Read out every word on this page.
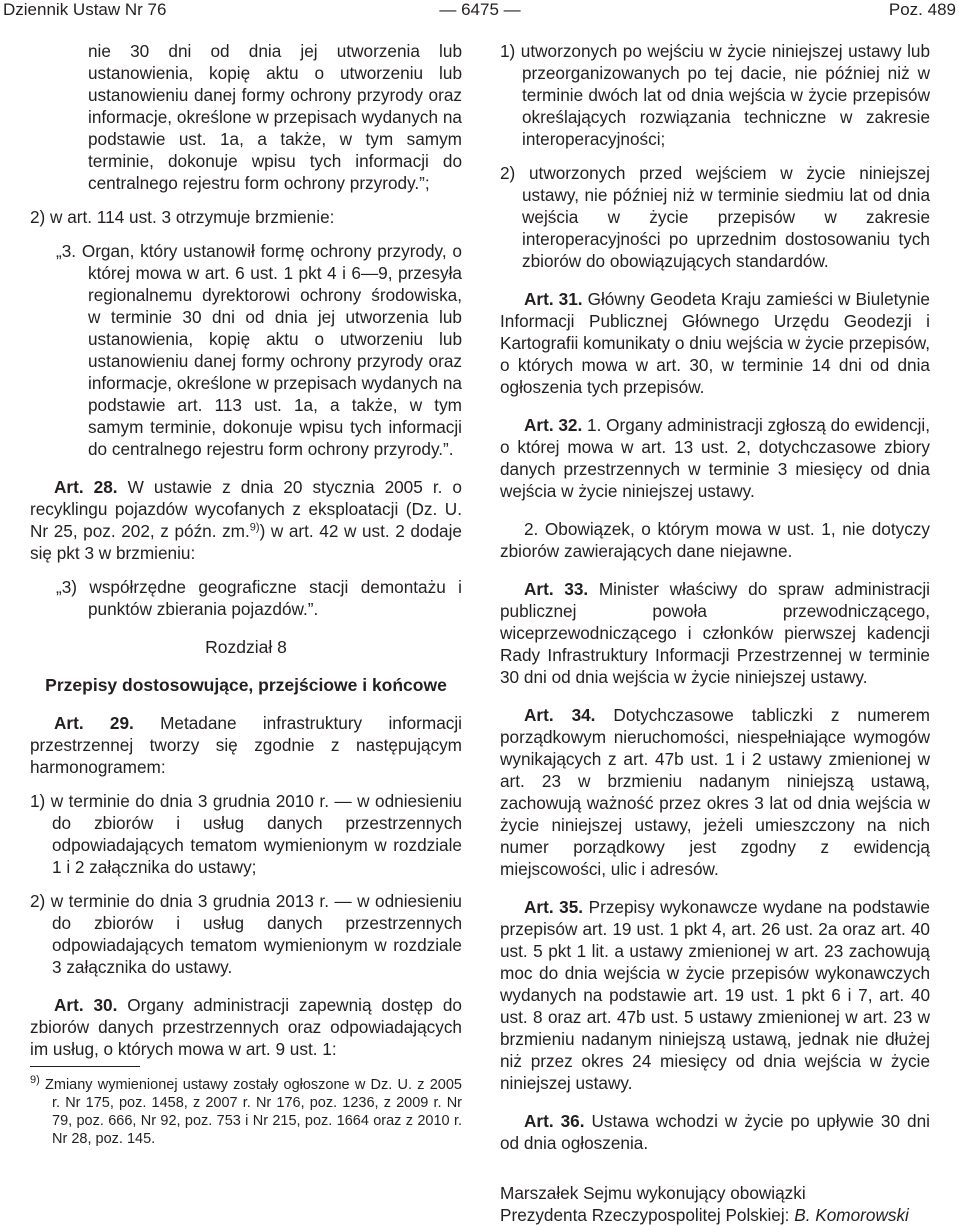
Dziennik Ustaw Nr 76	— 6475 —	Poz. 489

nie 30 dni od dnia jej utworzenia lub ustanowienia, kopię aktu o utworzeniu lub ustanowieniu danej formy ochrony przyrody oraz informacje, określone w przepisach wydanych na podstawie ust. 1a, a także, w tym samym terminie, dokonuje wpisu tych informacji do centralnego rejestru form ochrony przyrody.”;

2) w art. 114 ust. 3 otrzymuje brzmienie:

„3. Organ, który ustanowił formę ochrony przyrody, o której mowa w art. 6 ust. 1 pkt 4 i 6—9, przesyła regionalnemu dyrektorowi ochrony środowiska, w terminie 30 dni od dnia jej utworzenia lub ustanowienia, kopię aktu o utworzeniu lub ustanowieniu danej formy ochrony przyrody oraz informacje, określone w przepisach wydanych na podstawie art. 113 ust. 1a, a także, w tym samym terminie, dokonuje wpisu tych informacji do centralnego rejestru form ochrony przyrody.”.

Art. 28. W ustawie z dnia 20 stycznia 2005 r. o recyklingu pojazdów wycofanych z eksploatacji (Dz. U. Nr 25, poz. 202, z późn. zm.$^{9)}$) w art. 42 w ust. 2 dodaje się pkt 3 w brzmieniu:

„3) współrzędne geograficzne stacji demontażu i punktów zbierania pojazdów.”.

Rozdział 8

Przepisy dostosowujące, przejściowe i końcowe

Art. 29. Metadane infrastruktury informacji przestrzennej tworzy się zgodnie z następującym harmonogramem:

1) w terminie do dnia 3 grudnia 2010 r. — w odniesieniu do zbiorów i usług danych przestrzennych odpowiadających tematom wymienionym w rozdziale 1 i 2 załącznika do ustawy;

2) w terminie do dnia 3 grudnia 2013 r. — w odniesieniu do zbiorów i usług danych przestrzennych odpowiadających tematom wymienionym w rozdziale 3 załącznika do ustawy.

Art. 30. Organy administracji zapewnią dostęp do zbiorów danych przestrzennych oraz odpowiadających im usług, o których mowa w art. 9 ust. 1:

$^{9)}$ Zmiany wymienionej ustawy zostały ogłoszone w Dz. U. z 2005 r. Nr 175, poz. 1458, z 2007 r. Nr 176, poz. 1236, z 2009 r. Nr 79, poz. 666, Nr 92, poz. 753 i Nr 215, poz. 1664 oraz z 2010 r. Nr 28, poz. 145.

1) utworzonych po wejściu w życie niniejszej ustawy lub przeorganizowanych po tej dacie, nie później niż w terminie dwóch lat od dnia wejścia w życie przepisów określających rozwiązania techniczne w zakresie interoperacyjności;

2) utworzonych przed wejściem w życie niniejszej ustawy, nie później niż w terminie siedmiu lat od dnia wejścia w życie przepisów w zakresie interoperacyjności po uprzednim dostosowaniu tych zbiorów do obowiązujących standardów.

Art. 31. Główny Geodeta Kraju zamieści w Biuletynie Informacji Publicznej Głównego Urzędu Geodezji i Kartografii komunikaty o dniu wejścia w życie przepisów, o których mowa w art. 30, w terminie 14 dni od dnia ogłoszenia tych przepisów.

Art. 32. 1. Organy administracji zgłoszą do ewidencji, o której mowa w art. 13 ust. 2, dotychczasowe zbiory danych przestrzennych w terminie 3 miesięcy od dnia wejścia w życie niniejszej ustawy.

2. Obowiązek, o którym mowa w ust. 1, nie dotyczy zbiorów zawierających dane niejawne.

Art. 33. Minister właściwy do spraw administracji publicznej powoła przewodniczącego, wiceprzewodniczącego i członków pierwszej kadencji Rady Infrastruktury Informacji Przestrzennej w terminie 30 dni od dnia wejścia w życie niniejszej ustawy.

Art. 34. Dotychczasowe tabliczki z numerem porządkowym nieruchomości, niespełniające wymogów wynikających z art. 47b ust. 1 i 2 ustawy zmienionej w art. 23 w brzmieniu nadanym niniejszą ustawą, zachowują ważność przez okres 3 lat od dnia wejścia w życie niniejszej ustawy, jeżeli umieszczony na nich numer porządkowy jest zgodny z ewidencją miejscowości, ulic i adresów.

Art. 35. Przepisy wykonawcze wydane na podstawie przepisów art. 19 ust. 1 pkt 4, art. 26 ust. 2a oraz art. 40 ust. 5 pkt 1 lit. a ustawy zmienionej w art. 23 zachowują moc do dnia wejścia w życie przepisów wykonawczych wydanych na podstawie art. 19 ust. 1 pkt 6 i 7, art. 40 ust. 8 oraz art. 47b ust. 5 ustawy zmienionej w art. 23 w brzmieniu nadanym niniejszą ustawą, jednak nie dłużej niż przez okres 24 miesięcy od dnia wejścia w życie niniejszej ustawy.

Art. 36. Ustawa wchodzi w życie po upływie 30 dni od dnia ogłoszenia.

Marszałek Sejmu wykonujący obowiązki

Prezydenta Rzeczypospolitej Polskiej: B. Komorowski
